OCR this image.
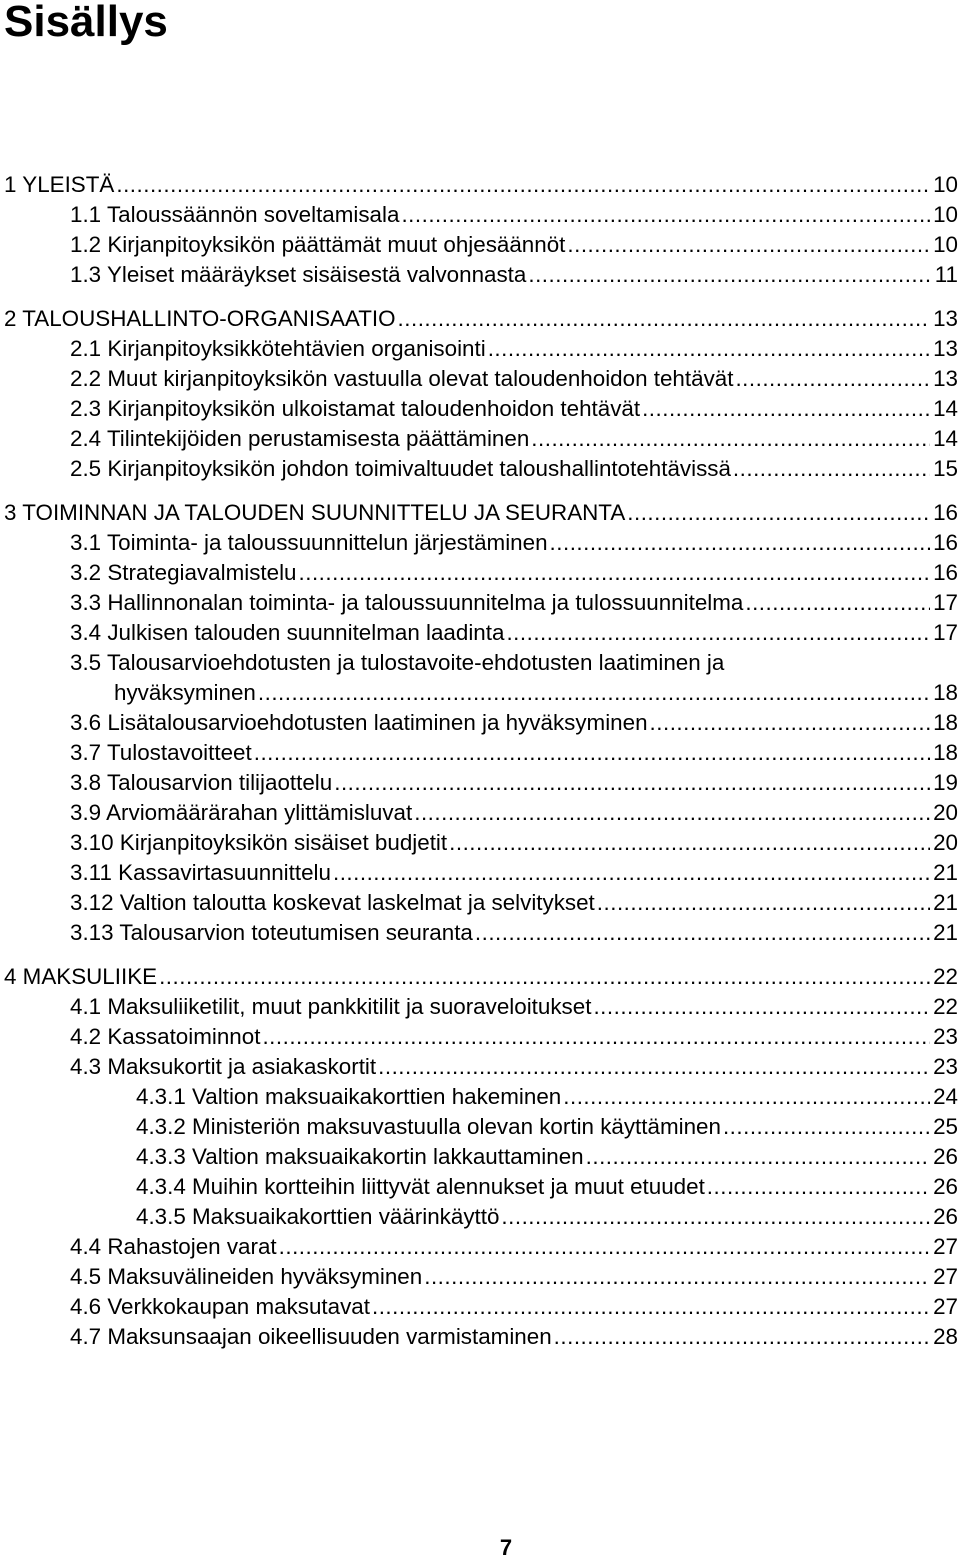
Sisällys
1 YLEISTÄ .....	10
1.1 Taloussäännön soveltamisala .....	10
1.2 Kirjanpitoyksikön päättämät muut ohjesäännöt .....	10
1.3 Yleiset määräykset sisäisestä valvonnasta .....	11
2 TALOUSHALLINTO-ORGANISAATIO .....	13
2.1 Kirjanpitoyksikkötehtävien organisointi .....	13
2.2 Muut kirjanpitoyksikön vastuulla olevat taloudenhoidon tehtävät .....	13
2.3 Kirjanpitoyksikön ulkoistamat taloudenhoidon tehtävät .....	14
2.4 Tilintekijöiden perustamisesta päättäminen .....	14
2.5 Kirjanpitoyksikön johdon toimivaltuudet taloushallintotehtävissä .....	15
3 TOIMINNAN JA TALOUDEN SUUNNITTELU JA SEURANTA .....	16
3.1 Toiminta- ja taloussuunnittelun järjestäminen .....	16
3.2 Strategiavalmistelu .....	16
3.3 Hallinnonalan toiminta- ja taloussuunnitelma ja tulossuunnitelma .....	17
3.4 Julkisen talouden suunnitelman laadinta .....	17
3.5 Talousarvioehdotusten ja tulostavoite-ehdotusten laatiminen ja
hyväksyminen .....	18
3.6 Lisätalousarvioehdotusten laatiminen ja hyväksyminen .....	18
3.7 Tulostavoitteet .....	18
3.8 Talousarvion tilijaottelu .....	19
3.9 Arviomäärärahan ylittämisluvat .....	20
3.10 Kirjanpitoyksikön sisäiset budjetit .....	20
3.11 Kassavirtasuunnittelu .....	21
3.12 Valtion taloutta koskevat laskelmat ja selvitykset .....	21
3.13 Talousarvion toteutumisen seuranta .....	21
4 MAKSULIIKE .....	22
4.1 Maksuliiketilit, muut pankkitilit ja suoraveloitukset .....	22
4.2 Kassatoiminnot .....	23
4.3 Maksukortit ja asiakaskortit .....	23
4.3.1 Valtion maksuaikakorttien hakeminen .....	24
4.3.2 Ministeriön maksuvastuulla olevan kortin käyttäminen .....	25
4.3.3 Valtion maksuaikakortin lakkauttaminen .....	26
4.3.4 Muihin kortteihin liittyvät alennukset ja muut etuudet .....	26
4.3.5 Maksuaikakorttien väärinkäyttö .....	26
4.4 Rahastojen varat .....	27
4.5 Maksuvälineiden hyväksyminen .....	27
4.6 Verkkokaupan maksutavat .....	27
4.7 Maksunsaajan oikeellisuuden varmistaminen .....	28
7
